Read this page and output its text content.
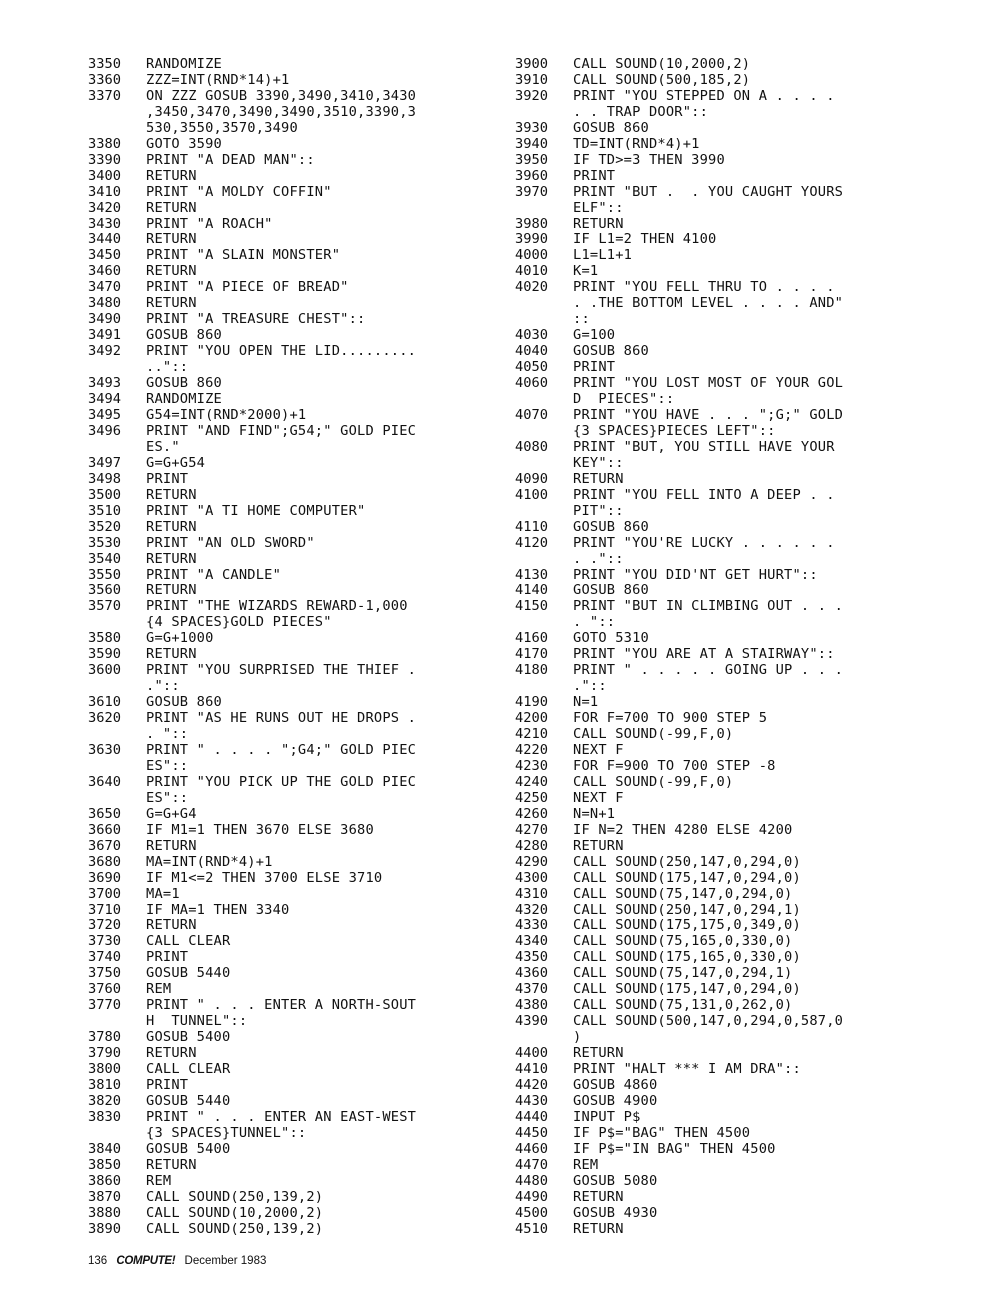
3350	RANDOMIZE
3360	ZZZ=INT(RND*14)+1
3370	ON ZZZ GOSUB 3390,3490,3410,3430
,3450,3470,3490,3490,3510,3390,3
530,3550,3570,3490
3380	GOTO 3590
3390	PRINT "A DEAD MAN"::
3400	RETURN
3410	PRINT "A MOLDY COFFIN"
3420	RETURN
3430	PRINT "A ROACH"
3440	RETURN
3450	PRINT "A SLAIN MONSTER"
3460	RETURN
3470	PRINT "A PIECE OF BREAD"
3480	RETURN
3490	PRINT "A TREASURE CHEST"::
3491	GOSUB 860
3492	PRINT "YOU OPEN THE LID.........
.."::
3493	GOSUB 860
3494	RANDOMIZE
3495	G54=INT(RND*2000)+1
3496	PRINT "AND FIND";G54;" GOLD PIEC
ES."
3497	G=G+G54
3498	PRINT
3500	RETURN
3510	PRINT "A TI HOME COMPUTER"
3520	RETURN
3530	PRINT "AN OLD SWORD"
3540	RETURN
3550	PRINT "A CANDLE"
3560	RETURN
3570	PRINT "THE WIZARDS REWARD-1,000
{4 SPACES}GOLD PIECES"
3580	G=G+1000
3590	RETURN
3600	PRINT "YOU SURPRISED THE THIEF .
."::
3610	GOSUB 860
3620	PRINT "AS HE RUNS OUT HE DROPS .
. "::
3630	PRINT " . . . . ";G4;" GOLD PIEC
ES"::
3640	PRINT "YOU PICK UP THE GOLD PIEC
ES"::
3650	G=G+G4
3660	IF M1=1 THEN 3670 ELSE 3680
3670	RETURN
3680	MA=INT(RND*4)+1
3690	IF M1<=2 THEN 3700 ELSE 3710
3700	MA=1
3710	IF MA=1 THEN 3340
3720	RETURN
3730	CALL CLEAR
3740	PRINT
3750	GOSUB 5440
3760	REM
3770	PRINT " . . . ENTER A NORTH-SOUT
H  TUNNEL"::
3780	GOSUB 5400
3790	RETURN
3800	CALL CLEAR
3810	PRINT
3820	GOSUB 5440
3830	PRINT " . . . ENTER AN EAST-WEST
{3 SPACES}TUNNEL"::
3840	GOSUB 5400
3850	RETURN
3860	REM
3870	CALL SOUND(250,139,2)
3880	CALL SOUND(10,2000,2)
3890	CALL SOUND(250,139,2)
3900	CALL SOUND(10,2000,2)
3910	CALL SOUND(500,185,2)
3920	PRINT "YOU STEPPED ON A . . . .
. . TRAP DOOR"::
3930	GOSUB 860
3940	TD=INT(RND*4)+1
3950	IF TD>=3 THEN 3990
3960	PRINT
3970	PRINT "BUT .  . YOU CAUGHT YOURS
ELF"::
3980	RETURN
3990	IF L1=2 THEN 4100
4000	L1=L1+1
4010	K=1
4020	PRINT "YOU FELL THRU TO . . . .
. .THE BOTTOM LEVEL . . . . AND"
::
4030	G=100
4040	GOSUB 860
4050	PRINT
4060	PRINT "YOU LOST MOST OF YOUR GOL
D  PIECES"::
4070	PRINT "YOU HAVE . . . ";G;" GOLD
{3 SPACES}PIECES LEFT"::
4080	PRINT "BUT, YOU STILL HAVE YOUR
KEY"::
4090	RETURN
4100	PRINT "YOU FELL INTO A DEEP . .
PIT"::
4110	GOSUB 860
4120	PRINT "YOU'RE LUCKY . . . . . .
. ."::
4130	PRINT "YOU DID'NT GET HURT"::
4140	GOSUB 860
4150	PRINT "BUT IN CLIMBING OUT . . .
. "::
4160	GOTO 5310
4170	PRINT "YOU ARE AT A STAIRWAY"::
4180	PRINT " . . . . . GOING UP . . .
."::
4190	N=1
4200	FOR F=700 TO 900 STEP 5
4210	CALL SOUND(-99,F,0)
4220	NEXT F
4230	FOR F=900 TO 700 STEP -8
4240	CALL SOUND(-99,F,0)
4250	NEXT F
4260	N=N+1
4270	IF N=2 THEN 4280 ELSE 4200
4280	RETURN
4290	CALL SOUND(250,147,0,294,0)
4300	CALL SOUND(175,147,0,294,0)
4310	CALL SOUND(75,147,0,294,0)
4320	CALL SOUND(250,147,0,294,1)
4330	CALL SOUND(175,175,0,349,0)
4340	CALL SOUND(75,165,0,330,0)
4350	CALL SOUND(175,165,0,330,0)
4360	CALL SOUND(75,147,0,294,1)
4370	CALL SOUND(175,147,0,294,0)
4380	CALL SOUND(75,131,0,262,0)
4390	CALL SOUND(500,147,0,294,0,587,0
)
4400	RETURN
4410	PRINT "HALT *** I AM DRA"::
4420	GOSUB 4860
4430	GOSUB 4900
4440	INPUT P$
4450	IF P$="BAG" THEN 4500
4460	IF P$="IN BAG" THEN 4500
4470	REM
4480	GOSUB 5080
4490	RETURN
4500	GOSUB 4930
4510	RETURN
136 COMPUTE! December 1983
